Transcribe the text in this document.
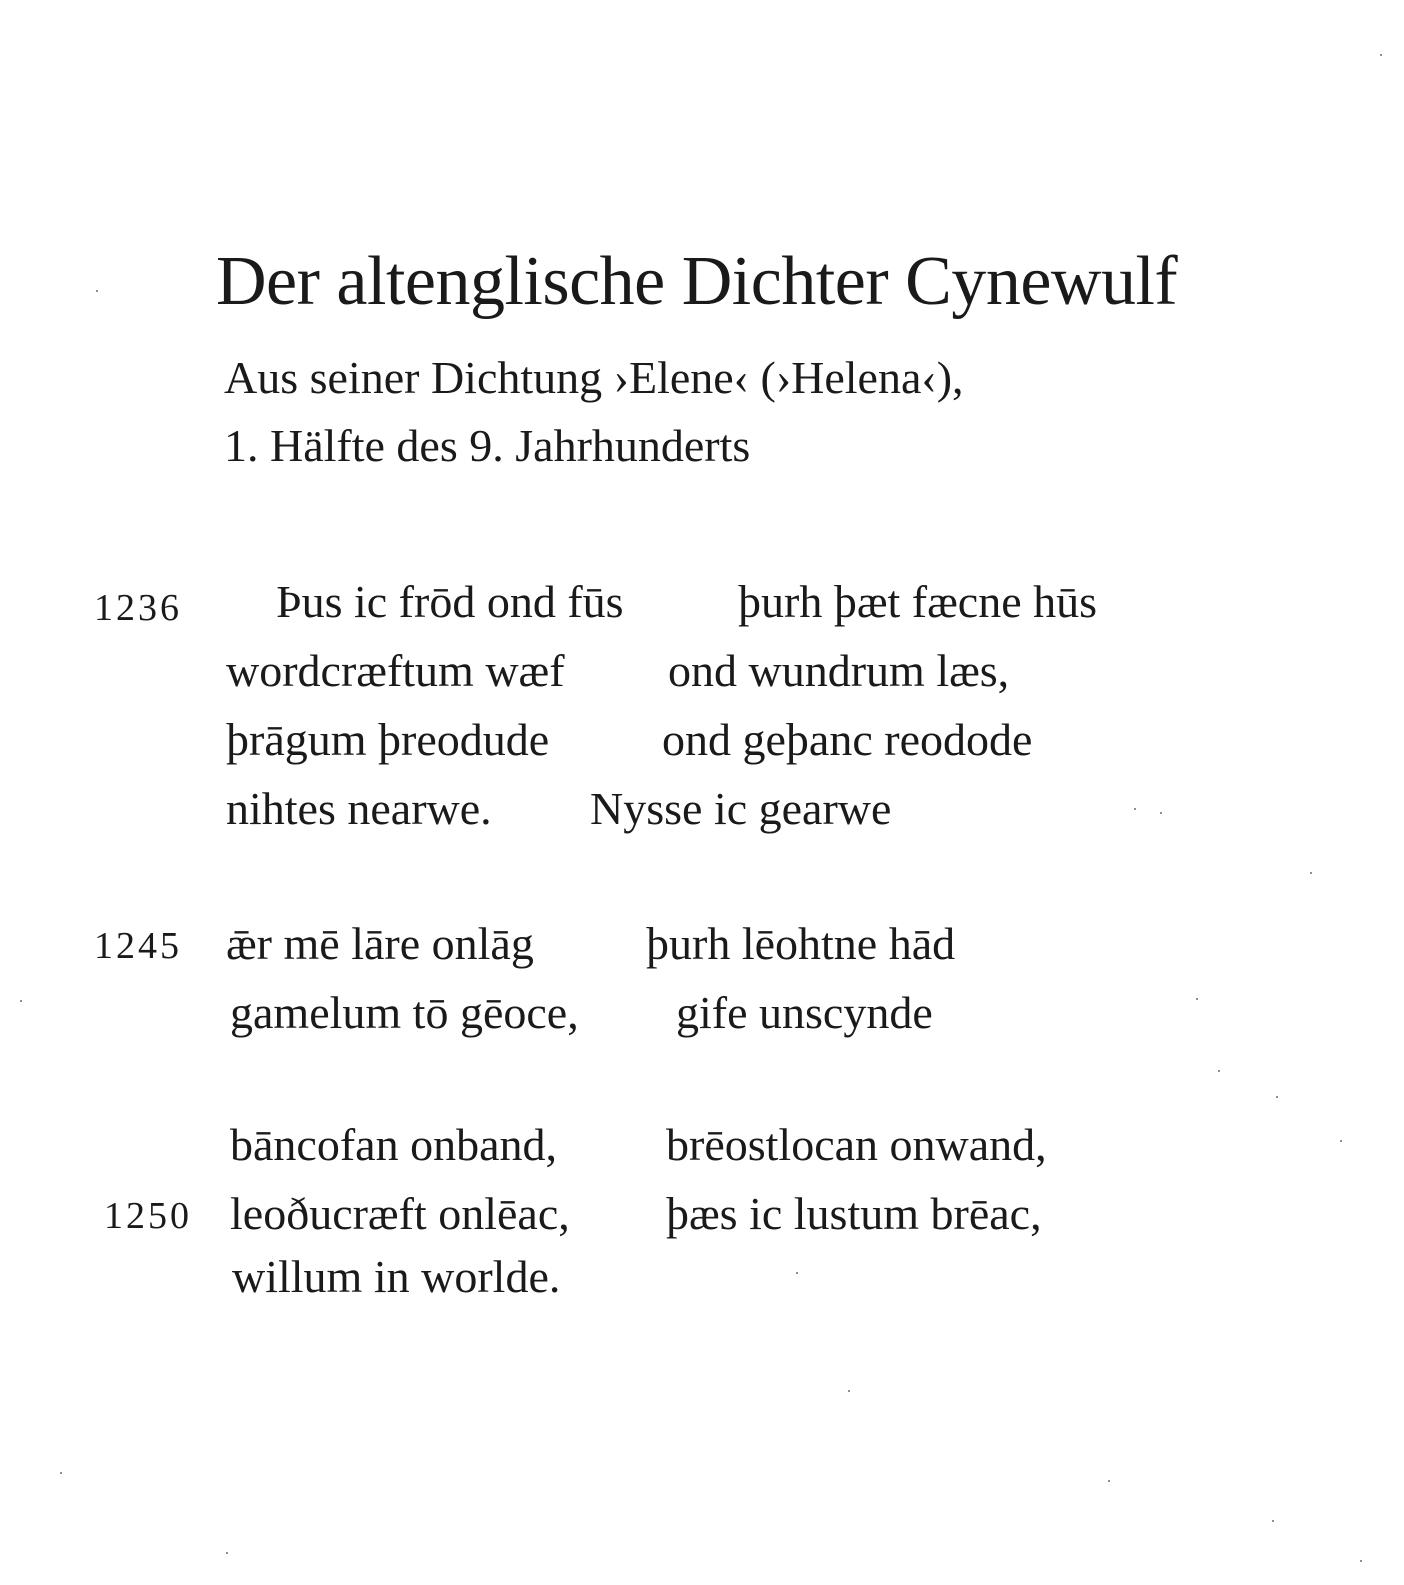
Der altenglische Dichter Cynewulf
Aus seiner Dichtung ›Elene‹ (›Helena‹),
1. Hälfte des 9. Jahrhunderts
1236	Þus ic frōd ond fūs þurh þæt fæcne hūs
wordcræftum wæf ond wundrum læs,
þrāgum þreodude ond geþanc reodode
nihtes nearwe. Nysse ic gearwe
1245 ǣr mē lāre onlāg þurh lēohtne hād
gamelum tō gēoce, gife unscynde
bāncofan onband, brēostlocan onwand,
1250 leoðucræft onlēac, þæs ic lustum brēac,
willum in worlde.
